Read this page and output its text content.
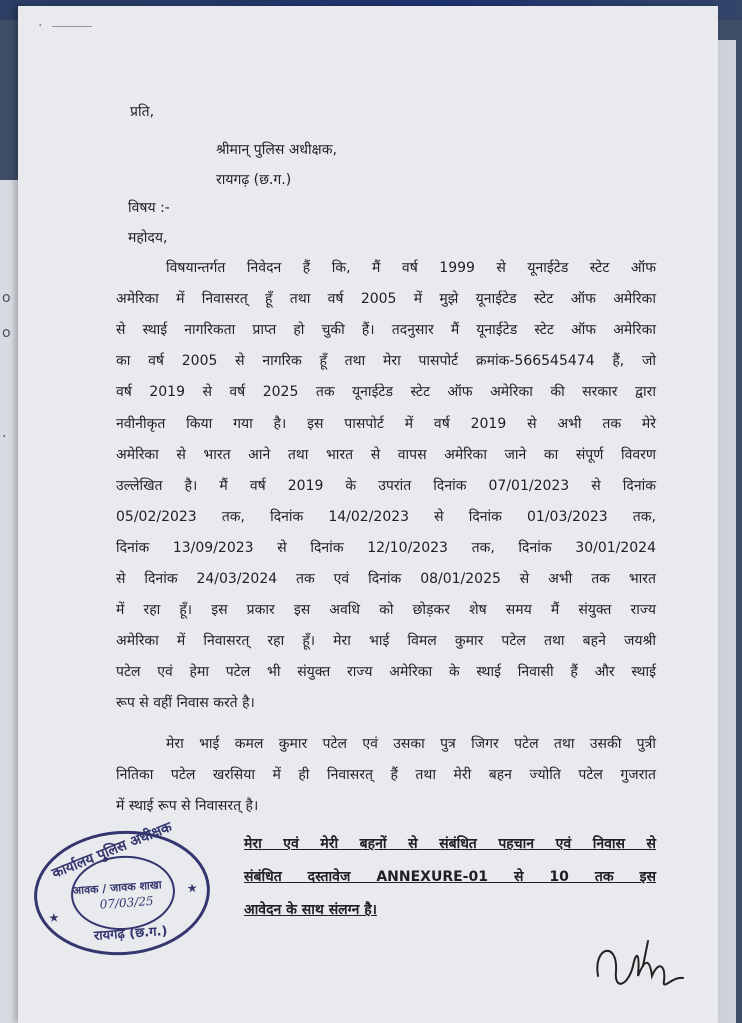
o
o
.
·
प्रति,
श्रीमान् पुलिस अधीक्षक,
रायगढ़ (छ.ग.)
विषय :-
महोदय,
विषयान्तर्गत निवेदन हैं कि, मैं वर्ष 1999 से यूनाईटेड स्टेट ऑफ
अमेरिका में निवासरत् हूँ तथा वर्ष 2005 में मुझे यूनाईटेड स्टेट ऑफ अमेरिका
से स्थाई नागरिकता प्राप्त हो चुकी हैं। तदनुसार मैं यूनाईटेड स्टेट ऑफ अमेरिका
का वर्ष 2005 से नागरिक हूँ तथा मेरा पासपोर्ट क्रमांक-566545474 हैं, जो
वर्ष 2019 से वर्ष 2025 तक यूनाईटेड स्टेट ऑफ अमेरिका की सरकार द्वारा
नवीनीकृत किया गया है। इस पासपोर्ट में वर्ष 2019 से अभी तक मेरे
अमेरिका से भारत आने तथा भारत से वापस अमेरिका जाने का संपूर्ण विवरण
उल्लेखित है। मैं वर्ष 2019 के उपरांत दिनांक 07/01/2023 से दिनांक
05/02/2023 तक, दिनांक 14/02/2023 से दिनांक 01/03/2023 तक,
दिनांक 13/09/2023 से दिनांक 12/10/2023 तक, दिनांक 30/01/2024
से दिनांक 24/03/2024 तक एवं दिनांक 08/01/2025 से अभी तक भारत
में रहा हूँ। इस प्रकार इस अवधि को छोड़कर शेष समय मैं संयुक्त राज्य
अमेरिका में निवासरत् रहा हूँ। मेरा भाई विमल कुमार पटेल तथा बहने जयश्री
पटेल एवं हेमा पटेल भी संयुक्त राज्य अमेरिका के स्थाई निवासी हैं और स्थाई
रूप से वहीं निवास करते है।
मेरा भाई कमल कुमार पटेल एवं उसका पुत्र जिगर पटेल तथा उसकी पुत्री
नितिका पटेल खरसिया में ही निवासरत् हैं तथा मेरी बहन ज्योति पटेल गुजरात
में स्थाई रूप से निवासरत् है।
मेरा एवं मेरी बहनों से संबंधित पहचान एवं निवास से
संबंधित दस्तावेज ANNEXURE-01 से 10 तक इस
आवेदन के साथ संलग्न है।
कार्यालय पुलिस अधीक्षक
आवक / जावक शाखा
07/03/25
रायगढ़ (छ.ग.)
★
★
